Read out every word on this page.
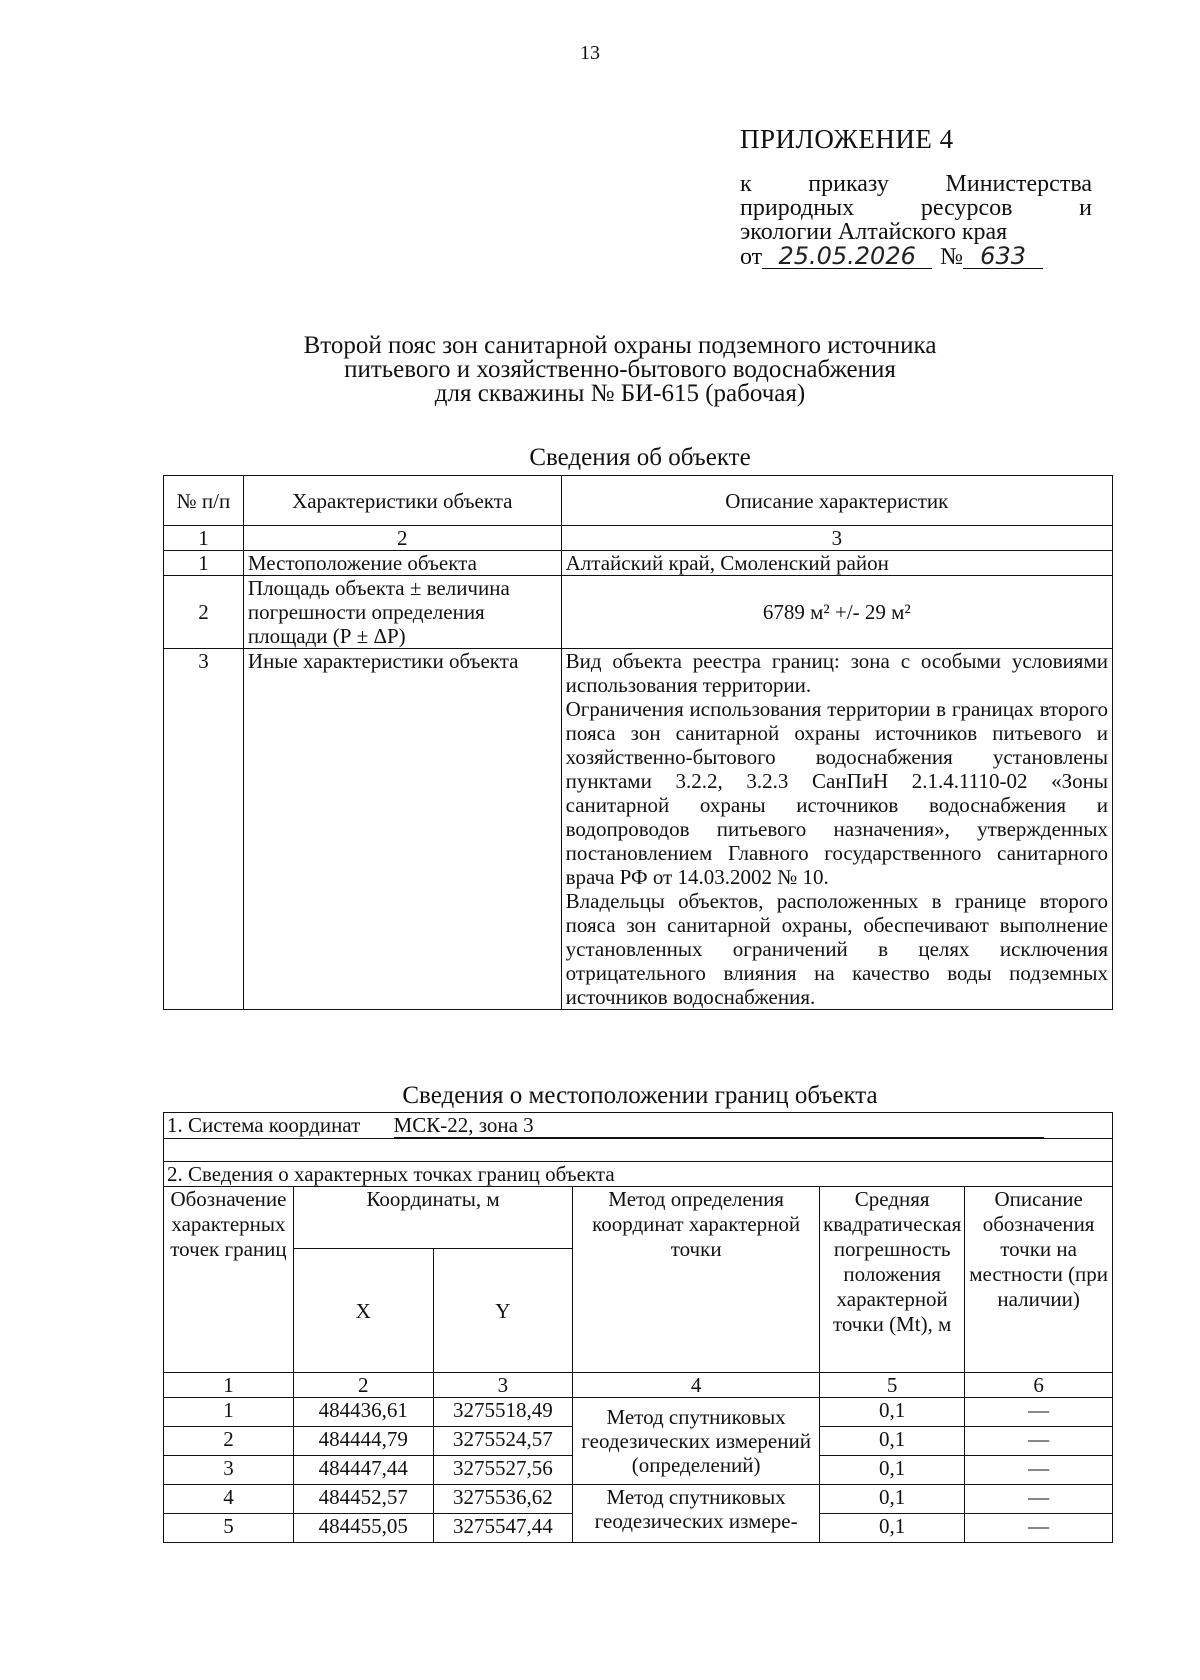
13
ПРИЛОЖЕНИЕ 4
к приказу Министерства
природных	ресурсов	и
экологии Алтайского края
от 25.05.2026	№ 633
Второй пояс зон санитарной охраны подземного источника
питьевого и хозяйственно-бытового водоснабжения
для скважины № БИ-615 (рабочая)
Сведения об объекте
№ п/п	Характеристики объекта	Описание характеристик
1	2	3
1	Местоположение объекта	Алтайский край, Смоленский район
2	Площадь объекта ± величина погрешности определения площади (Р ± ΔР)	6789 м² +/- 29 м²
3	Иные характеристики объекта	Вид объекта реестра границ: зона с особыми условиями использования территории.

Ограничения использования территории в границах второго пояса зон санитарной охраны источников питьевого и хозяйственно-бытового водоснабжения установлены пунктами 3.2.2, 3.2.3 СанПиН 2.1.4.1110-02 «Зоны санитарной охраны источников водоснабжения и водопроводов питьевого назначения», утвержденных постановлением Главного государственного санитарного врача РФ от 14.03.2002 № 10.

Владельцы объектов, расположенных в границе второго пояса зон санитарной охраны, обеспечивают выполнение установленных ограничений в целях исключения отрицательного влияния на качество воды подземных источников водоснабжения.

Сведения о местоположении границ объекта
1. Система координат МСК-22, зона 3					

2. Сведения о характерных точках границ объекта					
Обозначение характерных точек границ	Координаты, м		Метод определения координат характерной точки	Средняя квадратическая погрешность положения характерной точки (Mt), м	Описание обозначения точки на местности (при наличии)
	X	Y			
1	2	3	4	5	6
1	484436,61	3275518,49	Метод спутниковых геодезических измерений (определений)	0,1	—
2	484444,79	3275524,57		0,1	—
3	484447,44	3275527,56		0,1	—
4	484452,57	3275536,62	Метод спутниковых геодезических измере-	0,1	—
5	484455,05	3275547,44		0,1	—
